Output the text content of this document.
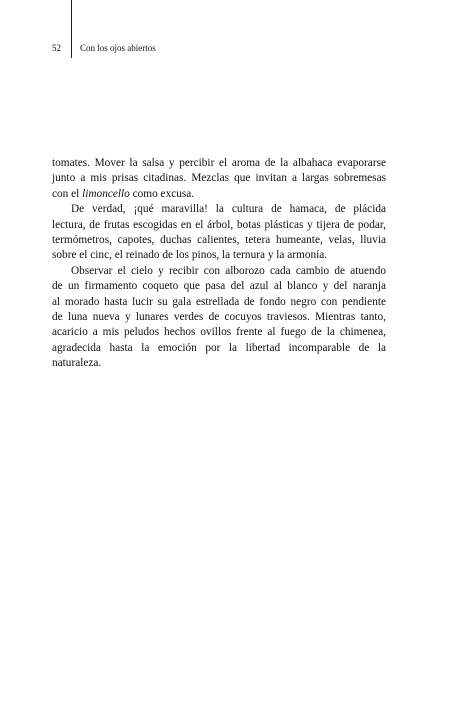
52 Con los ojos abiertos
tomates. Mover la salsa y percibir el aroma de la albahaca evaporarse
junto a mis prisas citadinas. Mezclas que invitan a largas sobremesas
con el limoncello como excusa.
De verdad, ¡qué maravilla! la cultura de hamaca, de plácida
lectura, de frutas escogidas en el árbol, botas plásticas y tijera de podar,
termómetros, capotes, duchas calientes, tetera humeante, velas, lluvia
sobre el cinc, el reinado de los pinos, la ternura y la armonía.
Observar el cielo y recibir con alborozo cada cambio de atuendo
de un firmamento coqueto que pasa del azul al blanco y del naranja
al morado hasta lucir su gala estrellada de fondo negro con pendiente
de luna nueva y lunares verdes de cocuyos traviesos. Mientras tanto,
acaricio a mis peludos hechos ovillos frente al fuego de la chimenea,
agradecida hasta la emoción por la libertad incomparable de la
naturaleza.
